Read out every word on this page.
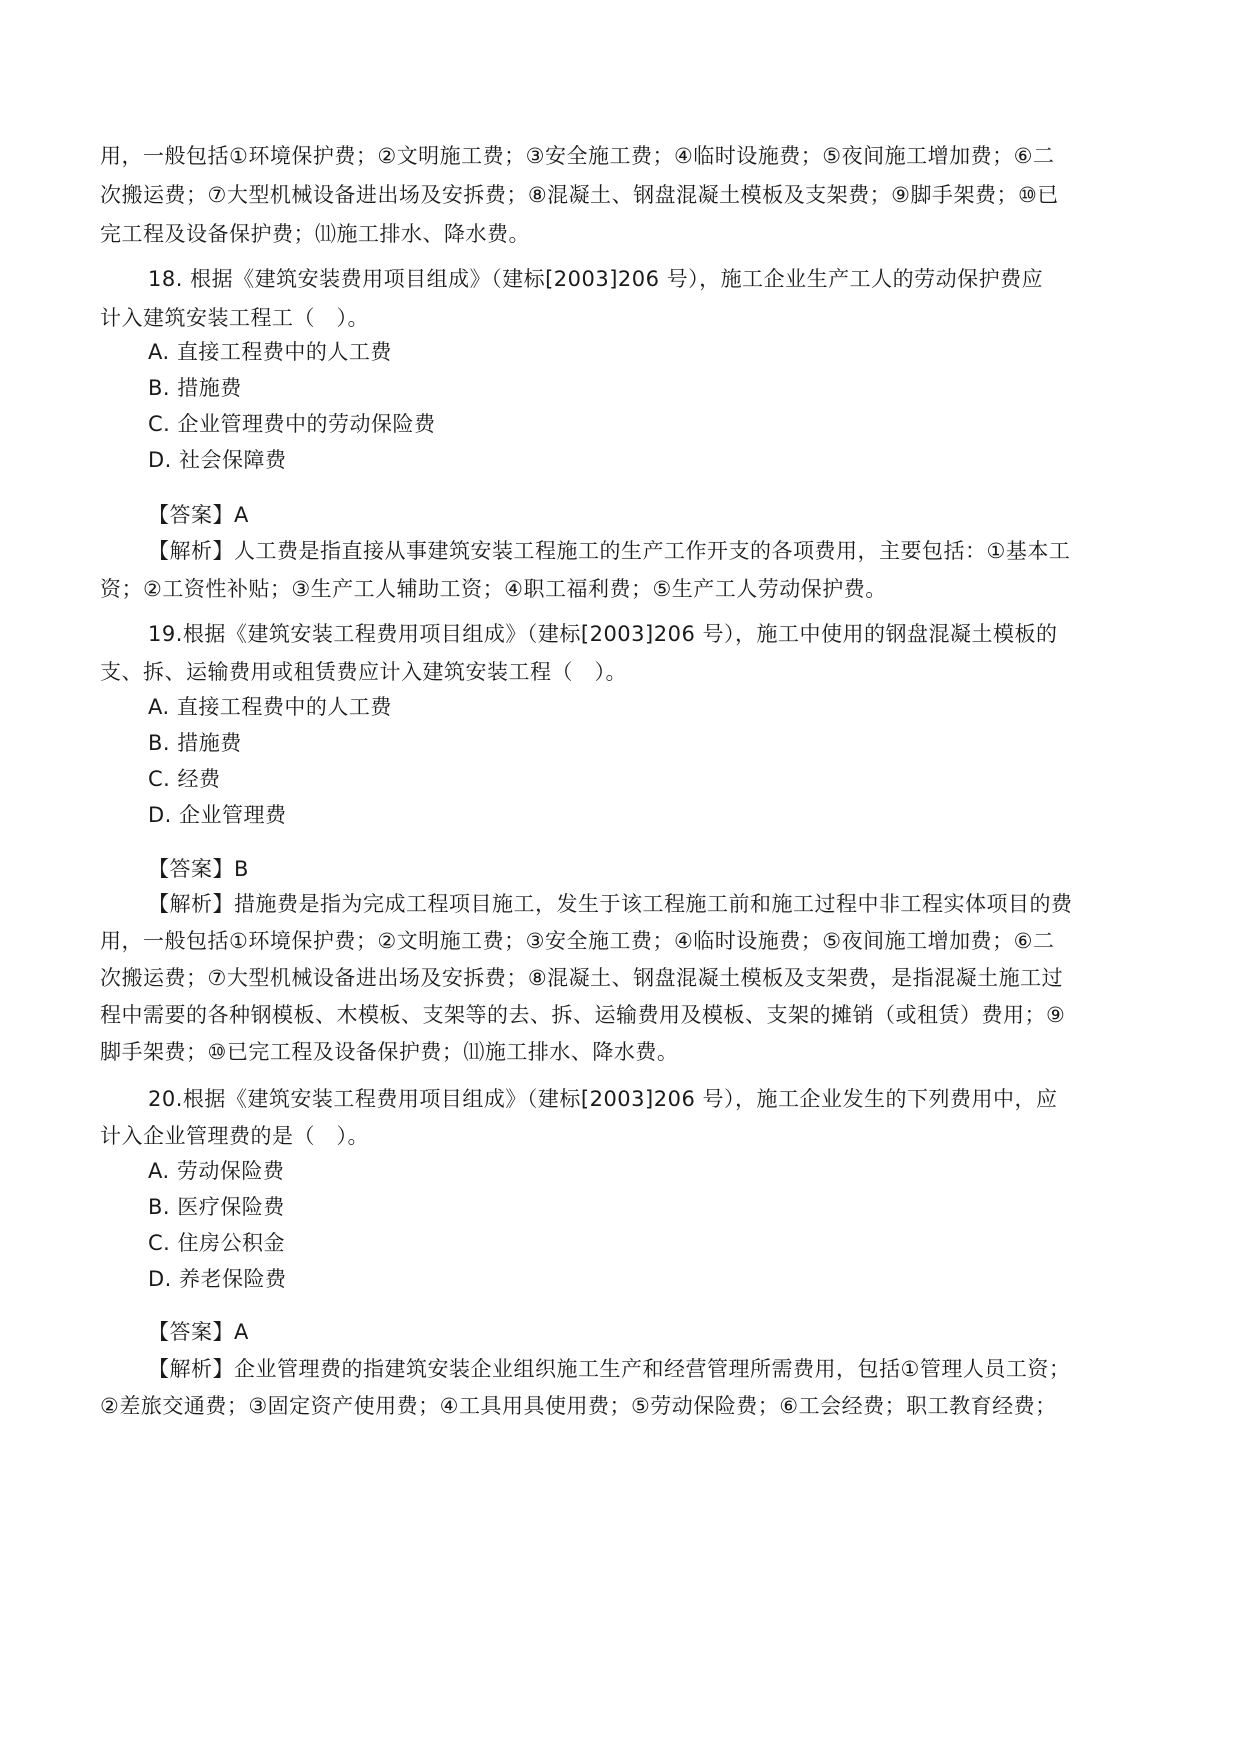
用，一般包括①环境保护费；②文明施工费；③安全施工费；④临时设施费；⑤夜间施工增加费；⑥二
次搬运费；⑦大型机械设备进出场及安拆费；⑧混凝土、钢盘混凝土模板及支架费；⑨脚手架费；⑩已
完工程及设备保护费；⑾施工排水、降水费。
18. 根据《建筑安装费用项目组成》（建标[2003]206 号），施工企业生产工人的劳动保护费应
计入建筑安装工程工（　）。
A. 直接工程费中的人工费
B. 措施费
C. 企业管理费中的劳动保险费
D. 社会保障费
【答案】A
【解析】人工费是指直接从事建筑安装工程施工的生产工作开支的各项费用，主要包括：①基本工
资；②工资性补贴；③生产工人辅助工资；④职工福利费；⑤生产工人劳动保护费。
19.根据《建筑安装工程费用项目组成》（建标[2003]206 号），施工中使用的钢盘混凝土模板的
支、拆、运输费用或租赁费应计入建筑安装工程（　）。
A. 直接工程费中的人工费
B. 措施费
C. 经费
D. 企业管理费
【答案】B
【解析】措施费是指为完成工程项目施工，发生于该工程施工前和施工过程中非工程实体项目的费
用，一般包括①环境保护费；②文明施工费；③安全施工费；④临时设施费；⑤夜间施工增加费；⑥二
次搬运费；⑦大型机械设备进出场及安拆费；⑧混凝土、钢盘混凝土模板及支架费，是指混凝土施工过
程中需要的各种钢模板、木模板、支架等的去、拆、运输费用及模板、支架的摊销（或租赁）费用；⑨
脚手架费；⑩已完工程及设备保护费；⑾施工排水、降水费。
20.根据《建筑安装工程费用项目组成》（建标[2003]206 号），施工企业发生的下列费用中，应
计入企业管理费的是（　）。
A. 劳动保险费
B. 医疗保险费
C. 住房公积金
D. 养老保险费
【答案】A
【解析】企业管理费的指建筑安装企业组织施工生产和经营管理所需费用，包括①管理人员工资；
②差旅交通费；③固定资产使用费；④工具用具使用费；⑤劳动保险费；⑥工会经费；职工教育经费；
